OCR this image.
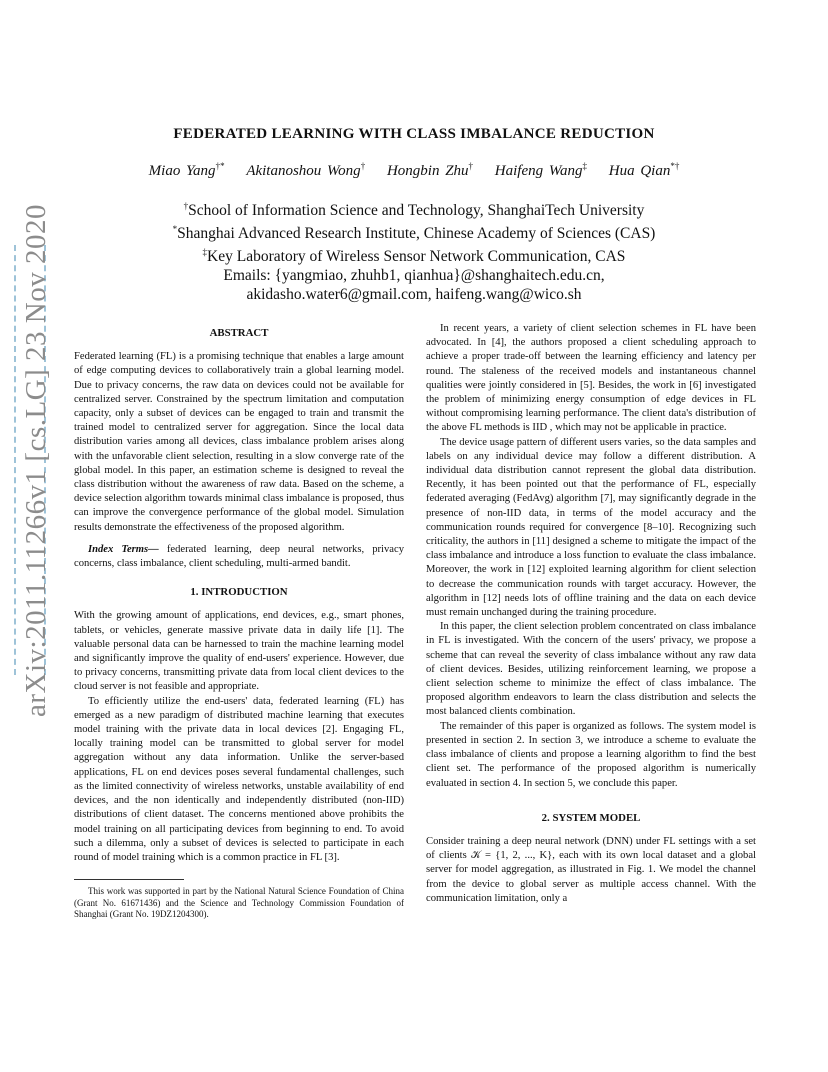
arXiv:2011.11266v1 [cs.LG] 23 Nov 2020
FEDERATED LEARNING WITH CLASS IMBALANCE REDUCTION
Miao Yang†* Akitanoshou Wong† Hongbin Zhu† Haifeng Wang‡ Hua Qian*†
†School of Information Science and Technology, ShanghaiTech University
*Shanghai Advanced Research Institute, Chinese Academy of Sciences (CAS)
‡Key Laboratory of Wireless Sensor Network Communication, CAS
Emails: {yangmiao, zhuhb1, qianhua}@shanghaitech.edu.cn,
akidasho.water6@gmail.com, haifeng.wang@wico.sh
ABSTRACT

Federated learning (FL) is a promising technique that enables a large amount of edge computing devices to collaboratively train a global learning model. Due to privacy concerns, the raw data on devices could not be available for centralized server. Constrained by the spectrum limitation and computation capacity, only a subset of devices can be engaged to train and transmit the trained model to centralized server for aggregation. Since the local data distribution varies among all devices, class imbalance problem arises along with the unfavorable client selection, resulting in a slow converge rate of the global model. In this paper, an estimation scheme is designed to reveal the class distribution without the awareness of raw data. Based on the scheme, a device selection algorithm towards minimal class imbalance is proposed, thus can improve the convergence performance of the global model. Simulation results demonstrate the effectiveness of the proposed algorithm.

Index Terms— federated learning, deep neural networks, privacy concerns, class imbalance, client scheduling, multi-armed bandit.

1. INTRODUCTION

With the growing amount of applications, end devices, e.g., smart phones, tablets, or vehicles, generate massive private data in daily life [1]. The valuable personal data can be harnessed to train the machine learning model and significantly improve the quality of end-users' experience. However, due to privacy concerns, transmitting private data from local client devices to the cloud server is not feasible and appropriate.

To efficiently utilize the end-users' data, federated learning (FL) has emerged as a new paradigm of distributed machine learning that executes model training with the private data in local devices [2]. Engaging FL, locally training model can be transmitted to global server for model aggregation without any data information. Unlike the server-based applications, FL on end devices poses several fundamental challenges, such as the limited connectivity of wireless networks, unstable availability of end devices, and the non identically and independently distributed (non-IID) distributions of client dataset. The concerns mentioned above prohibits the model training on all participating devices from beginning to end. To avoid such a dilemma, only a subset of devices is selected to participate in each round of model training which is a common practice in FL [3].

This work was supported in part by the National Natural Science Foundation of China (Grant No. 61671436) and the Science and Technology Commission Foundation of Shanghai (Grant No. 19DZ1204300).

In recent years, a variety of client selection schemes in FL have been advocated. In [4], the authors proposed a client scheduling approach to achieve a proper trade-off between the learning efficiency and latency per round. The staleness of the received models and instantaneous channel qualities were jointly considered in [5]. Besides, the work in [6] investigated the problem of minimizing energy consumption of edge devices in FL without compromising learning performance. The client data's distribution of the above FL methods is IID , which may not be applicable in practice.

The device usage pattern of different users varies, so the data samples and labels on any individual device may follow a different distribution. A individual data distribution cannot represent the global data distribution. Recently, it has been pointed out that the performance of FL, especially federated averaging (FedAvg) algorithm [7], may significantly degrade in the presence of non-IID data, in terms of the model accuracy and the communication rounds required for convergence [8–10]. Recognizing such criticality, the authors in [11] designed a scheme to mitigate the impact of the class imbalance and introduce a loss function to evaluate the class imbalance. Moreover, the work in [12] exploited learning algorithm for client selection to decrease the communication rounds with target accuracy. However, the algorithm in [12] needs lots of offline training and the data on each device must remain unchanged during the training procedure.

In this paper, the client selection problem concentrated on class imbalance in FL is investigated. With the concern of the users' privacy, we propose a scheme that can reveal the severity of class imbalance without any raw data of client devices. Besides, utilizing reinforcement learning, we propose a client selection scheme to minimize the effect of class imbalance. The proposed algorithm endeavors to learn the class distribution and selects the most balanced clients combination.

The remainder of this paper is organized as follows. The system model is presented in section 2. In section 3, we introduce a scheme to evaluate the class imbalance of clients and propose a learning algorithm to find the best client set. The performance of the proposed algorithm is numerically evaluated in section 4. In section 5, we conclude this paper.

2. SYSTEM MODEL

Consider training a deep neural network (DNN) under FL settings with a set of clients 𝒦 = {1, 2, ..., K}, each with its own local dataset and a global server for model aggregation, as illustrated in Fig. 1. We model the channel from the device to global server as multiple access channel. With the communication limitation, only a
